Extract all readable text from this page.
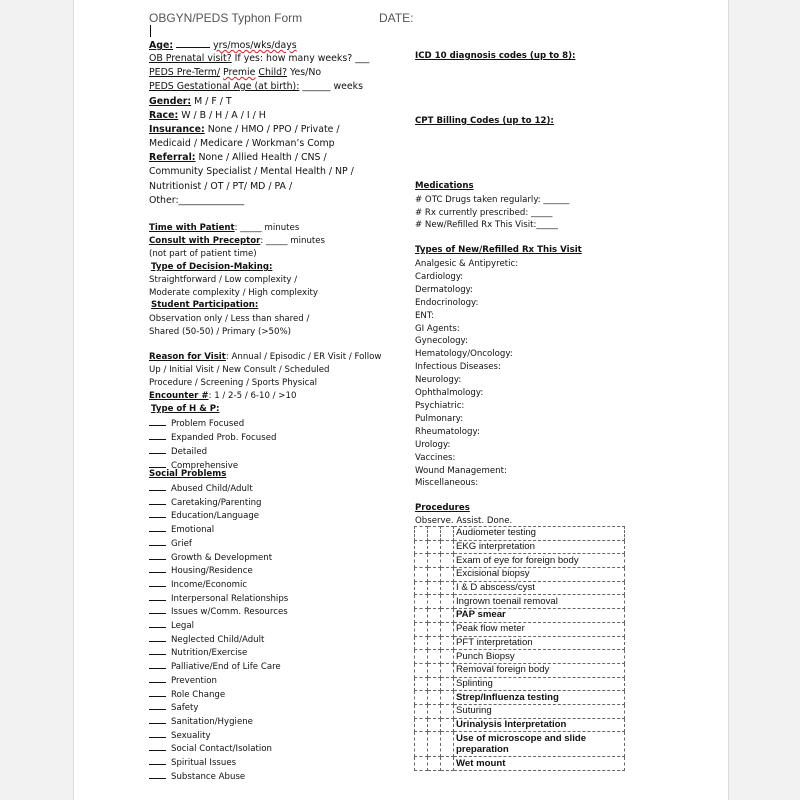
OBGYN/PEDS Typhon Form	DATE:
Age:	yrs/mos/wks/days
OB Prenatal visit? If yes: how many weeks? ___
PEDS Pre-Term/ Premie Child? Yes/No
PEDS Gestational Age (at birth): ______ weeks
Gender: M / F / T
Race: W / B / H / A / I / H
Insurance: None / HMO / PPO / Private /
Medicaid / Medicare / Workman’s Comp
Referral: None / Allied Health / CNS /
Community Specialist / Mental Health / NP /
Nutritionist / OT / PT/ MD / PA /
Other:______________
Time with Patient: _____ minutes
Consult with Preceptor: _____ minutes
(not part of patient time)
Type of Decision-Making:
Straightforward / Low complexity /
Moderate complexity / High complexity
Student Participation:
Observation only / Less than shared /
Shared (50-50) / Primary (>50%)
Reason for Visit: Annual / Episodic / ER Visit / Follow
Up / Initial Visit / New Consult / Scheduled
Procedure / Screening / Sports Physical
Encounter #: 1 / 2-5 / 6-10 / >10
Type of H & P:
Problem Focused
Expanded Prob. Focused
Detailed
Comprehensive
Social Problems
Abused Child/Adult
Caretaking/Parenting
Education/Language
Emotional
Grief
Growth & Development
Housing/Residence
Income/Economic
Interpersonal Relationships
Issues w/Comm. Resources
Legal
Neglected Child/Adult
Nutrition/Exercise
Palliative/End of Life Care
Prevention
Role Change
Safety
Sanitation/Hygiene
Sexuality
Social Contact/Isolation
Spiritual Issues
Substance Abuse
ICD 10 diagnosis codes (up to 8):
CPT Billing Codes (up to 12):
Medications
# OTC Drugs taken regularly: ______
# Rx currently prescribed: _____
# New/Refilled Rx This Visit:_____
Types of New/Refilled Rx This Visit
Analgesic & Antipyretic:
Cardiology:
Dermatology:
Endocrinology:
ENT:
GI Agents:
Gynecology:
Hematology/Oncology:
Infectious Diseases:
Neurology:
Ophthalmology:
Psychiatric:
Pulmonary:
Rheumatology:
Urology:
Vaccines:
Wound Management:
Miscellaneous:
Procedures
Observe. Assist. Done.
			Audiometer testing
			EKG interpretation
			Exam of eye for foreign body
			Excisional biopsy
			I & D abscess/cyst
			Ingrown toenail removal
			PAP smear
			Peak flow meter
			PFT interpretation
			Punch Biopsy
			Removal foreign body
			Splinting
			Strep/Influenza testing
			Suturing
			Urinalysis Interpretation
			Use of microscope and slide preparation
			Wet mount
